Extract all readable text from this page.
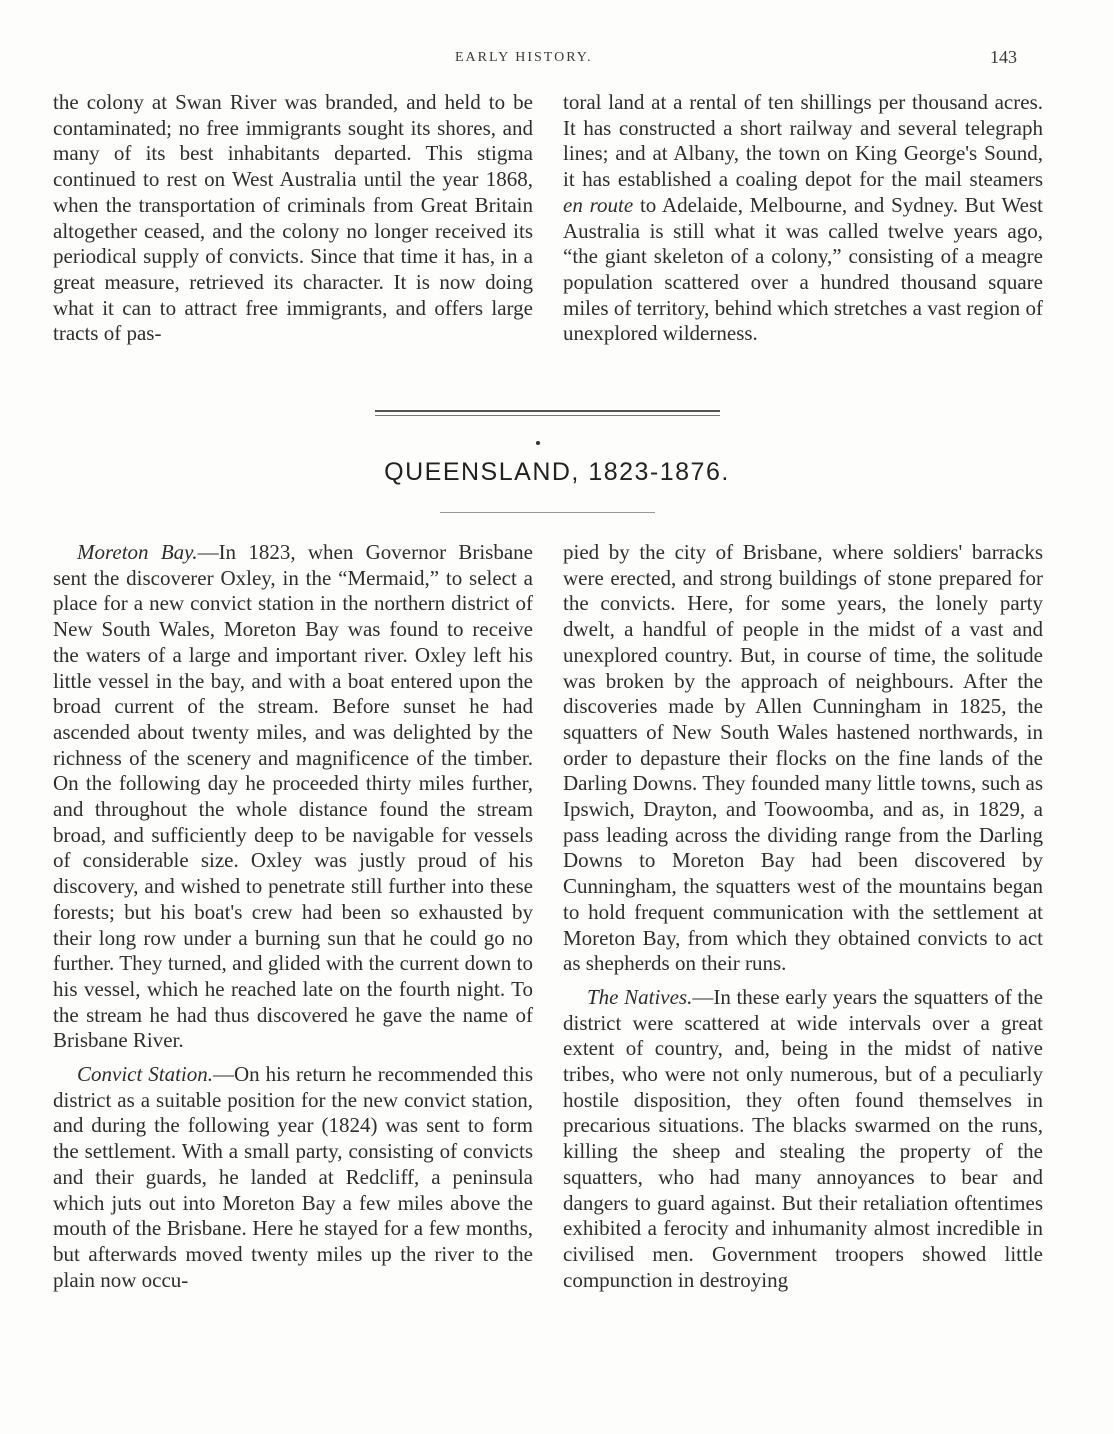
EARLY HISTORY.	143

the colony at Swan River was branded, and held to be contaminated; no free immigrants sought its shores, and many of its best inhabitants departed. This stigma continued to rest on West Australia until the year 1868, when the transportation of criminals from Great Britain altogether ceased, and the colony no longer received its periodical supply of convicts. Since that time it has, in a great measure, retrieved its character. It is now doing what it can to attract free immigrants, and offers large tracts of pas-

toral land at a rental of ten shillings per thousand acres. It has constructed a short railway and several telegraph lines; and at Albany, the town on King George's Sound, it has established a coaling depot for the mail steamers en route to Adelaide, Melbourne, and Sydney. But West Australia is still what it was called twelve years ago, “the giant skeleton of a colony,” consisting of a meagre population scattered over a hundred thousand square miles of territory, behind which stretches a vast region of unexplored wilderness.

QUEENSLAND, 1823-1876.

Moreton Bay.—In 1823, when Governor Brisbane sent the discoverer Oxley, in the “Mermaid,” to select a place for a new convict station in the northern district of New South Wales, Moreton Bay was found to receive the waters of a large and important river. Oxley left his little vessel in the bay, and with a boat entered upon the broad current of the stream. Before sunset he had ascended about twenty miles, and was delighted by the richness of the scenery and magnificence of the timber. On the following day he proceeded thirty miles further, and throughout the whole distance found the stream broad, and sufficiently deep to be navigable for vessels of considerable size. Oxley was justly proud of his discovery, and wished to penetrate still further into these forests; but his boat's crew had been so exhausted by their long row under a burning sun that he could go no further. They turned, and glided with the current down to his vessel, which he reached late on the fourth night. To the stream he had thus discovered he gave the name of Brisbane River.

Convict Station.—On his return he recommended this district as a suitable position for the new convict station, and during the following year (1824) was sent to form the settlement. With a small party, consisting of convicts and their guards, he landed at Redcliff, a peninsula which juts out into Moreton Bay a few miles above the mouth of the Brisbane. Here he stayed for a few months, but afterwards moved twenty miles up the river to the plain now occu-

pied by the city of Brisbane, where soldiers' barracks were erected, and strong buildings of stone prepared for the convicts. Here, for some years, the lonely party dwelt, a handful of people in the midst of a vast and unexplored country. But, in course of time, the solitude was broken by the approach of neighbours. After the discoveries made by Allen Cunningham in 1825, the squatters of New South Wales hastened northwards, in order to depasture their flocks on the fine lands of the Darling Downs. They founded many little towns, such as Ipswich, Drayton, and Toowoomba, and as, in 1829, a pass leading across the dividing range from the Darling Downs to Moreton Bay had been discovered by Cunningham, the squatters west of the mountains began to hold frequent communication with the settlement at Moreton Bay, from which they obtained convicts to act as shepherds on their runs.

The Natives.—In these early years the squatters of the district were scattered at wide intervals over a great extent of country, and, being in the midst of native tribes, who were not only numerous, but of a peculiarly hostile disposition, they often found themselves in precarious situations. The blacks swarmed on the runs, killing the sheep and stealing the property of the squatters, who had many annoyances to bear and dangers to guard against. But their retaliation oftentimes exhibited a ferocity and inhumanity almost incredible in civilised men. Government troopers showed little compunction in destroying
